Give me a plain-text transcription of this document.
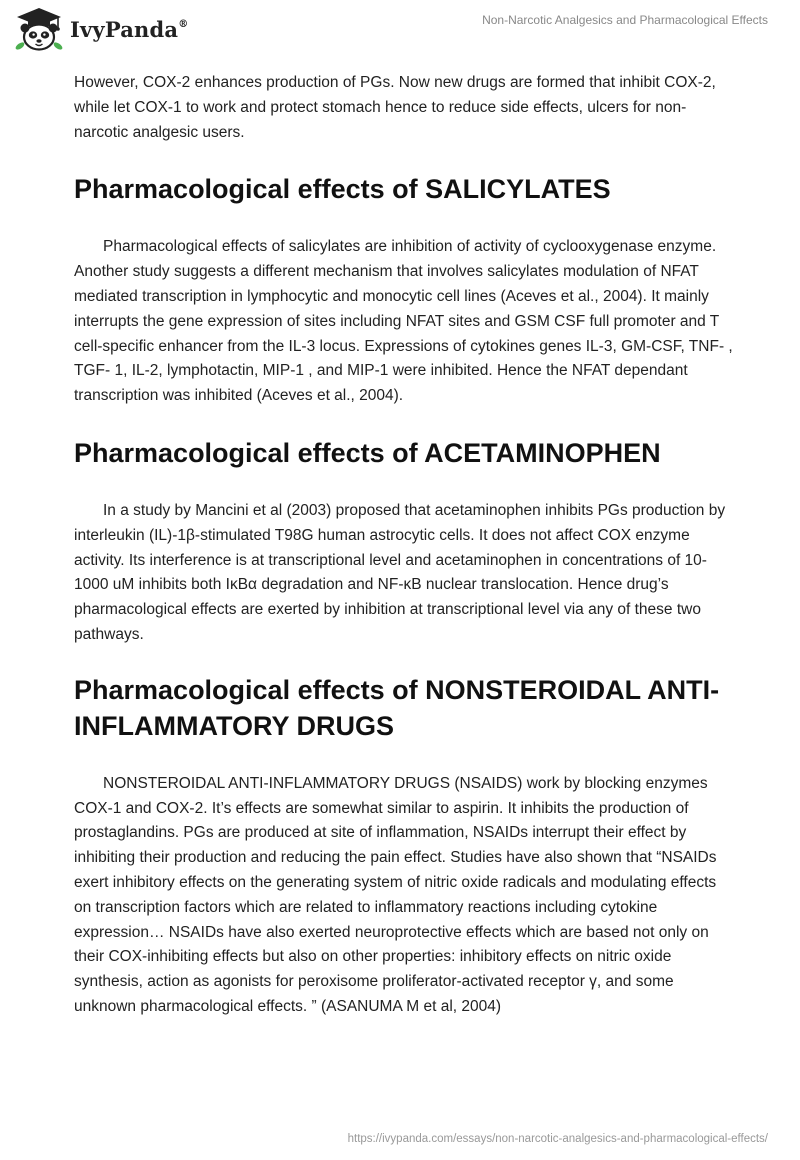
IvyPanda®	Non-Narcotic Analgesics and Pharmacological Effects

However, COX-2 enhances production of PGs. Now new drugs are formed that inhibit COX-2, while let COX-1 to work and protect stomach hence to reduce side effects, ulcers for non-narcotic analgesic users.

Pharmacological effects of SALICYLATES

Pharmacological effects of salicylates are inhibition of activity of cyclooxygenase enzyme. Another study suggests a different mechanism that involves salicylates modulation of NFAT mediated transcription in lymphocytic and monocytic cell lines (Aceves et al., 2004). It mainly interrupts the gene expression of sites including NFAT sites and GSM CSF full promoter and T cell-specific enhancer from the IL-3 locus. Expressions of cytokines genes IL-3, GM-CSF, TNF- , TGF- 1, IL-2, lymphotactin, MIP-1 , and MIP-1 were inhibited. Hence the NFAT dependant transcription was inhibited (Aceves et al., 2004).

Pharmacological effects of ACETAMINOPHEN

In a study by Mancini et al (2003) proposed that acetaminophen inhibits PGs production by interleukin (IL)-1β-stimulated T98G human astrocytic cells. It does not affect COX enzyme activity. Its interference is at transcriptional level and acetaminophen in concentrations of 10-1000 uM inhibits both IκBα degradation and NF-κB nuclear translocation. Hence drug’s pharmacological effects are exerted by inhibition at transcriptional level via any of these two pathways.

Pharmacological effects of NONSTEROIDAL ANTI-INFLAMMATORY DRUGS

NONSTEROIDAL ANTI-INFLAMMATORY DRUGS (NSAIDS) work by blocking enzymes COX-1 and COX-2. It’s effects are somewhat similar to aspirin. It inhibits the production of prostaglandins. PGs are produced at site of inflammation, NSAIDs interrupt their effect by inhibiting their production and reducing the pain effect. Studies have also shown that “NSAIDs exert inhibitory effects on the generating system of nitric oxide radicals and modulating effects on transcription factors which are related to inflammatory reactions including cytokine expression… NSAIDs have also exerted neuroprotective effects which are based not only on their COX-inhibiting effects but also on other properties: inhibitory effects on nitric oxide synthesis, action as agonists for peroxisome proliferator-activated receptor γ, and some unknown pharmacological effects. ” (ASANUMA M et al, 2004)

https://ivypanda.com/essays/non-narcotic-analgesics-and-pharmacological-effects/
